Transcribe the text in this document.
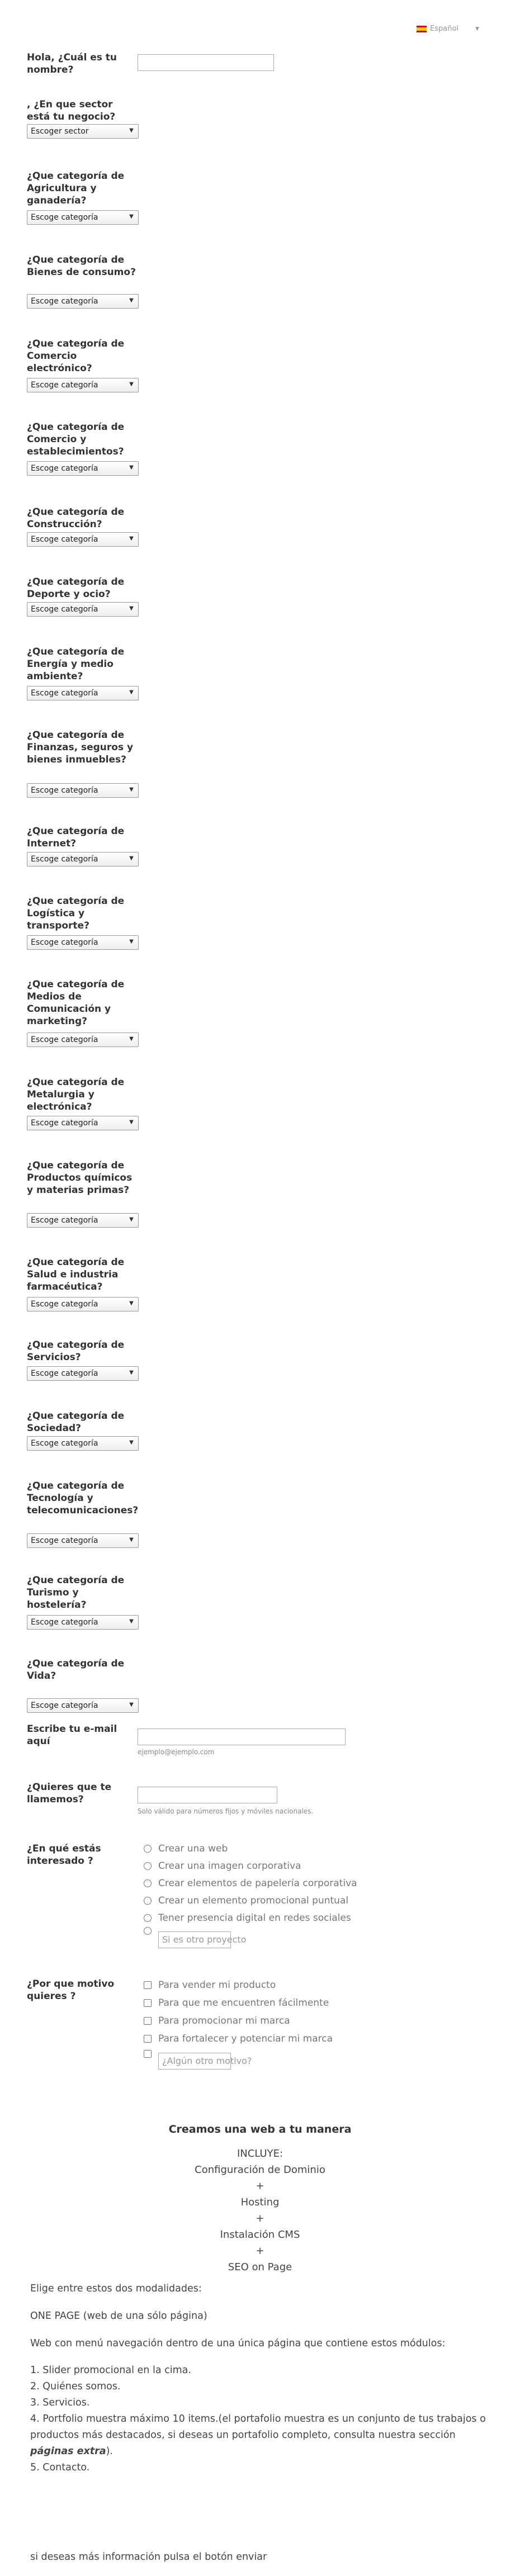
Español	▼
Hola, ¿Cuál es tu nombre?
, ¿En que sector está tu negocio?
Escoger sector	▼
¿Que categoría de Agricultura y ganadería?
Escoge categoría	▼
¿Que categoría de Bienes de consumo?
Escoge categoría	▼
¿Que categoría de Comercio electrónico?
Escoge categoría	▼
¿Que categoría de Comercio y establecimientos?
Escoge categoría	▼
¿Que categoría de Construcción?
Escoge categoría	▼
¿Que categoría de Deporte y ocio?
Escoge categoría	▼
¿Que categoría de Energía y medio ambiente?
Escoge categoría	▼
¿Que categoría de Finanzas, seguros y bienes inmuebles?
Escoge categoría	▼
¿Que categoría de Internet?
Escoge categoría	▼
¿Que categoría de Logística y transporte?
Escoge categoría	▼
¿Que categoría de Medios de Comunicación y marketing?
Escoge categoría	▼
¿Que categoría de Metalurgia y electrónica?
Escoge categoría	▼
¿Que categoría de Productos químicos y materias primas?
Escoge categoría	▼
¿Que categoría de Salud e industria farmacéutica?
Escoge categoría	▼
¿Que categoría de Servicios?
Escoge categoría	▼
¿Que categoría de Sociedad?
Escoge categoría	▼
¿Que categoría de Tecnología y telecomunicaciones?
Escoge categoría	▼
¿Que categoría de Turismo y hostelería?
Escoge categoría	▼
¿Que categoría de Vida?
Escoge categoría	▼
Escribe tu e-mail aquí
ejemplo@ejemplo.com
¿Quieres que te llamemos?
Solo válido para números fijos y móviles nacionales.
¿En qué estás interesado ?
Crear una web
Crear una imagen corporativa
Crear elementos de papelería corporativa
Crear un elemento promocional puntual
Tener presencia digital en redes sociales
Si es otro proyecto
¿Por que motivo quieres ?
Para vender mi producto
Para que me encuentren fácilmente
Para promocionar mi marca
Para fortalecer y potenciar mi marca
¿Algún otro motivo?
Creamos una web a tu manera
INCLUYE:
Configuración de Dominio
+
Hosting
+
Instalación CMS
+
SEO on Page
Elige entre estos dos modalidades:
ONE PAGE (web de una sólo página)
Web con menú navegación dentro de una única página que contiene estos módulos:
1. Slider promocional en la cima.
2. Quiénes somos.
3. Servicios.
4. Portfolio muestra máximo 10 items.(el portafolio muestra es un conjunto de tus trabajos o productos más destacados, si deseas un portafolio completo, consulta nuestra sección páginas extra).
5. Contacto.
si deseas más información pulsa el botón enviar
